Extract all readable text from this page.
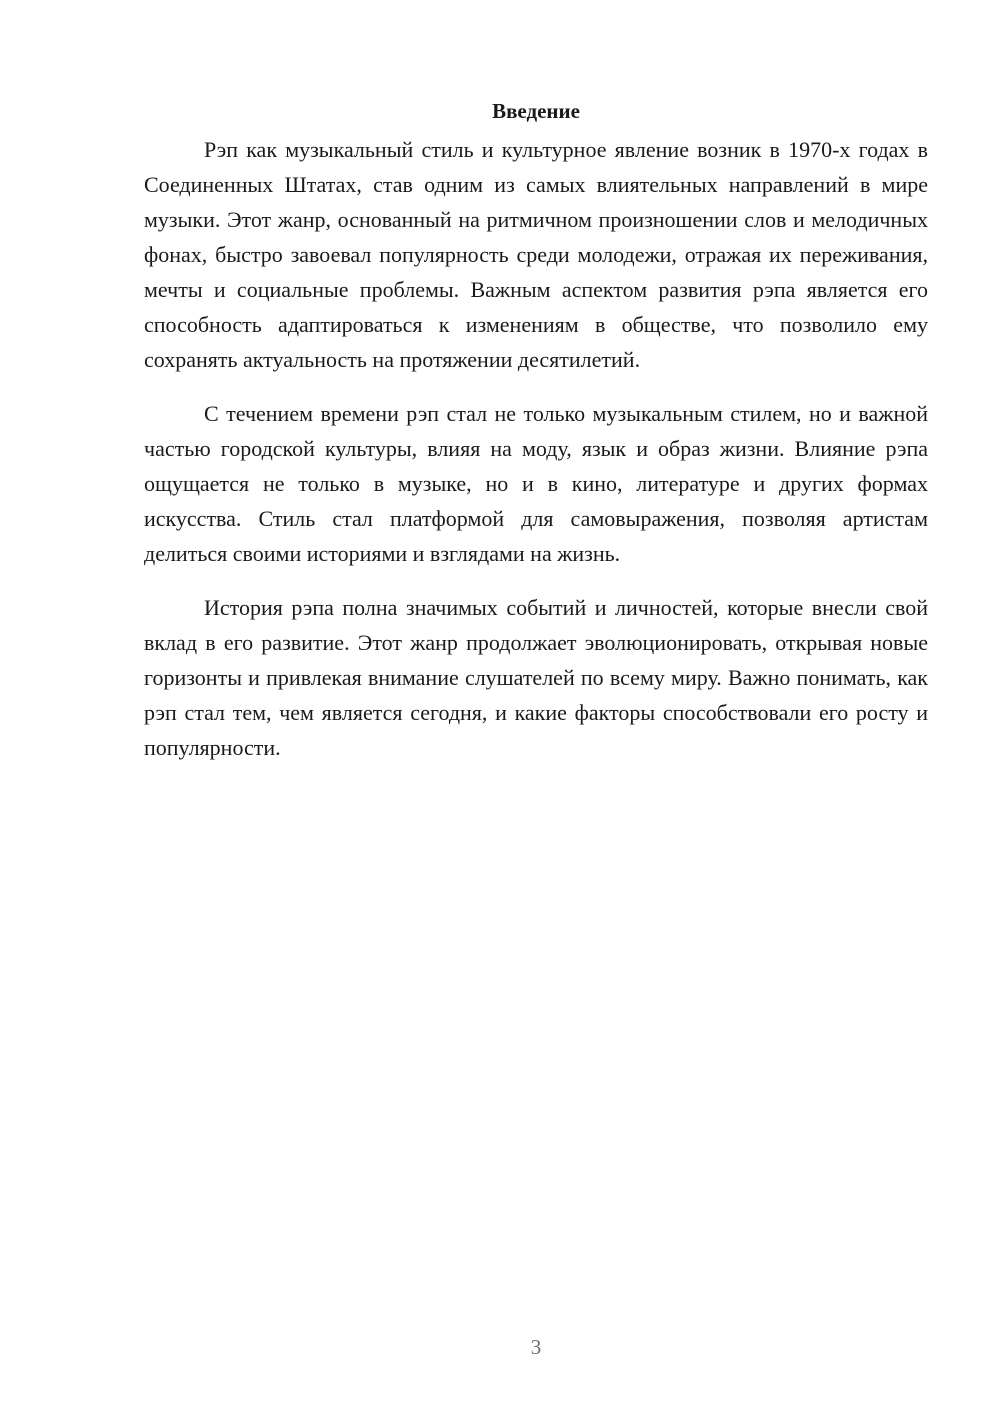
Введение

Рэп как музыкальный стиль и культурное явление возник в 1970-х годах в Соединенных Штатах, став одним из самых влиятельных направлений в мире музыки. Этот жанр, основанный на ритмичном произношении слов и мелодичных фонах, быстро завоевал популярность среди молодежи, отражая их переживания, мечты и социальные проблемы. Важным аспектом развития рэпа является его способность адаптироваться к изменениям в обществе, что позволило ему сохранять актуальность на протяжении десятилетий.

С течением времени рэп стал не только музыкальным стилем, но и важной частью городской культуры, влияя на моду, язык и образ жизни. Влияние рэпа ощущается не только в музыке, но и в кино, литературе и других формах искусства. Стиль стал платформой для самовыражения, позволяя артистам делиться своими историями и взглядами на жизнь.

История рэпа полна значимых событий и личностей, которые внесли свой вклад в его развитие. Этот жанр продолжает эволюционировать, открывая новые горизонты и привлекая внимание слушателей по всему миру. Важно понимать, как рэп стал тем, чем является сегодня, и какие факторы способствовали его росту и популярности.

3
